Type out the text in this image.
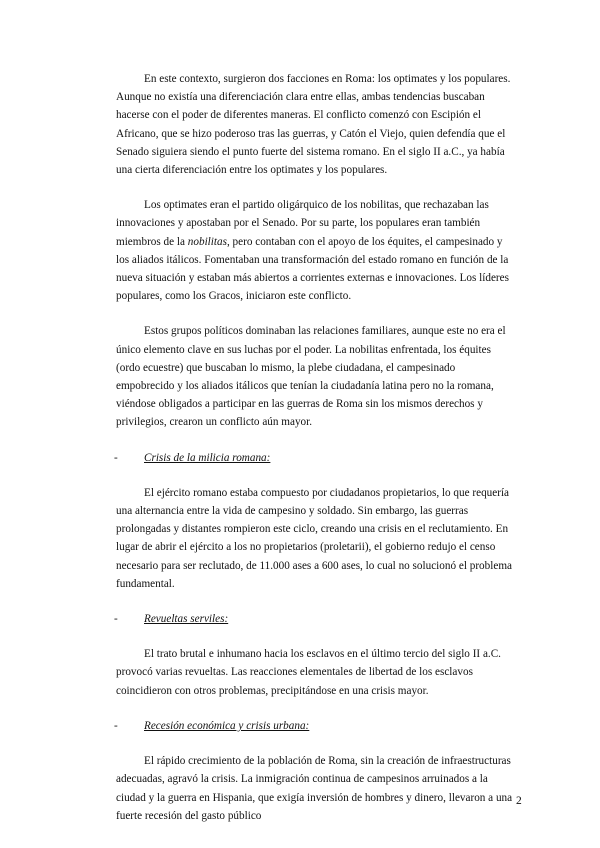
En este contexto, surgieron dos facciones en Roma: los optimates y los populares. Aunque no existía una diferenciación clara entre ellas, ambas tendencias buscaban hacerse con el poder de diferentes maneras. El conflicto comenzó con Escipión el Africano, que se hizo poderoso tras las guerras, y Catón el Viejo, quien defendía que el Senado siguiera siendo el punto fuerte del sistema romano. En el siglo II a.C., ya había una cierta diferenciación entre los optimates y los populares.

Los optimates eran el partido oligárquico de los nobilitas, que rechazaban las innovaciones y apostaban por el Senado. Por su parte, los populares eran también miembros de la nobilitas, pero contaban con el apoyo de los équites, el campesinado y los aliados itálicos. Fomentaban una transformación del estado romano en función de la nueva situación y estaban más abiertos a corrientes externas e innovaciones. Los líderes populares, como los Gracos, iniciaron este conflicto.

Estos grupos políticos dominaban las relaciones familiares, aunque este no era el único elemento clave en sus luchas por el poder. La nobilitas enfrentada, los équites (ordo ecuestre) que buscaban lo mismo, la plebe ciudadana, el campesinado empobrecido y los aliados itálicos que tenían la ciudadanía latina pero no la romana, viéndose obligados a participar en las guerras de Roma sin los mismos derechos y privilegios, crearon un conflicto aún mayor.

- Crisis de la milicia romana:

El ejército romano estaba compuesto por ciudadanos propietarios, lo que requería una alternancia entre la vida de campesino y soldado. Sin embargo, las guerras prolongadas y distantes rompieron este ciclo, creando una crisis en el reclutamiento. En lugar de abrir el ejército a los no propietarios (proletarii), el gobierno redujo el censo necesario para ser reclutado, de 11.000 ases a 600 ases, lo cual no solucionó el problema fundamental.

- Revueltas serviles:

El trato brutal e inhumano hacia los esclavos en el último tercio del siglo II a.C. provocó varias revueltas. Las reacciones elementales de libertad de los esclavos coincidieron con otros problemas, precipitándose en una crisis mayor.

- Recesión económica y crisis urbana:

El rápido crecimiento de la población de Roma, sin la creación de infraestructuras adecuadas, agravó la crisis. La inmigración continua de campesinos arruinados a la ciudad y la guerra en Hispania, que exigía inversión de hombres y dinero, llevaron a una fuerte recesión del gasto público

2
